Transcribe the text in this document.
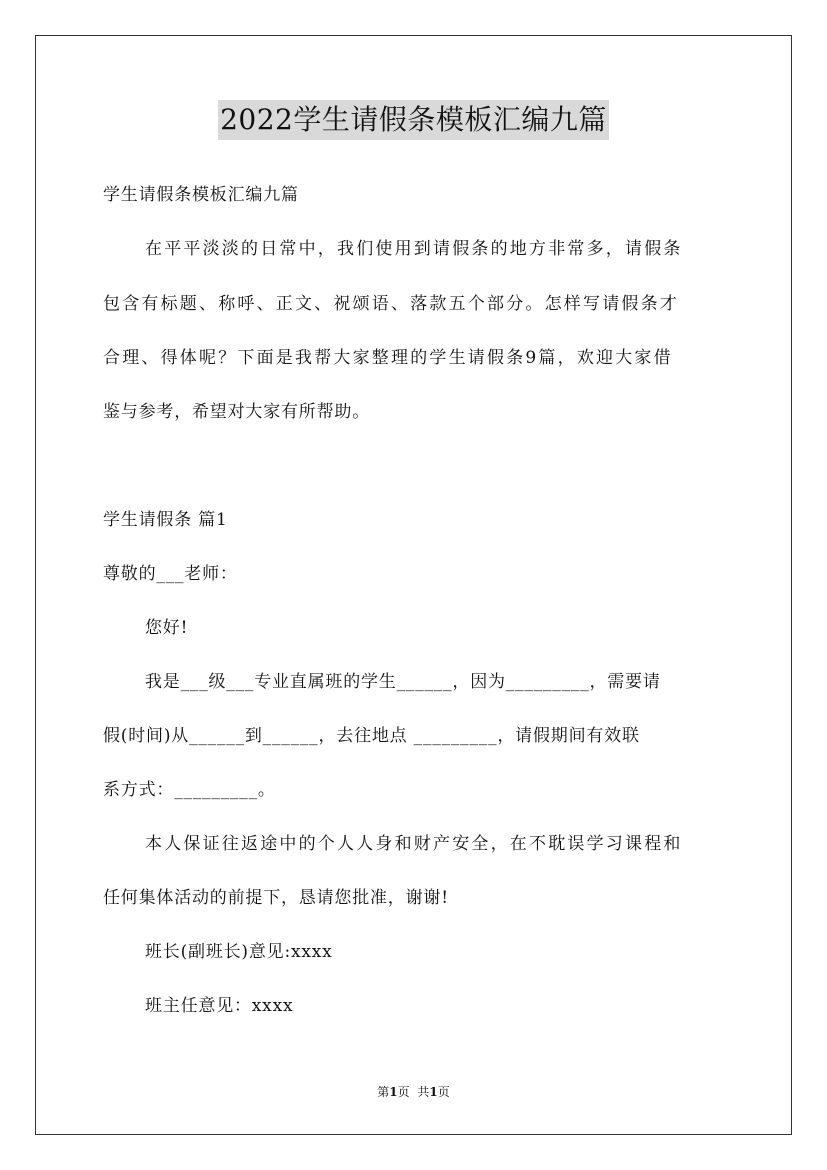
2022学生请假条模板汇编九篇
学生请假条模板汇编九篇
在平平淡淡的日常中，我们使用到请假条的地方非常多，请假条
包含有标题、称呼、正文、祝颂语、落款五个部分。怎样写请假条才
合理、得体呢？下面是我帮大家整理的学生请假条9篇，欢迎大家借
鉴与参考，希望对大家有所帮助。
学生请假条 篇1
尊敬的___老师：
您好!
我是___级___专业直属班的学生______，因为_________，需要请
假(时间)从______到______，去往地点 _________，请假期间有效联
系方式：_________。
本人保证往返途中的个人人身和财产安全，在不耽误学习课程和
任何集体活动的前提下，恳请您批准，谢谢!
班长(副班长)意见:xxxx
班主任意见：xxxx
第1页 共1页
